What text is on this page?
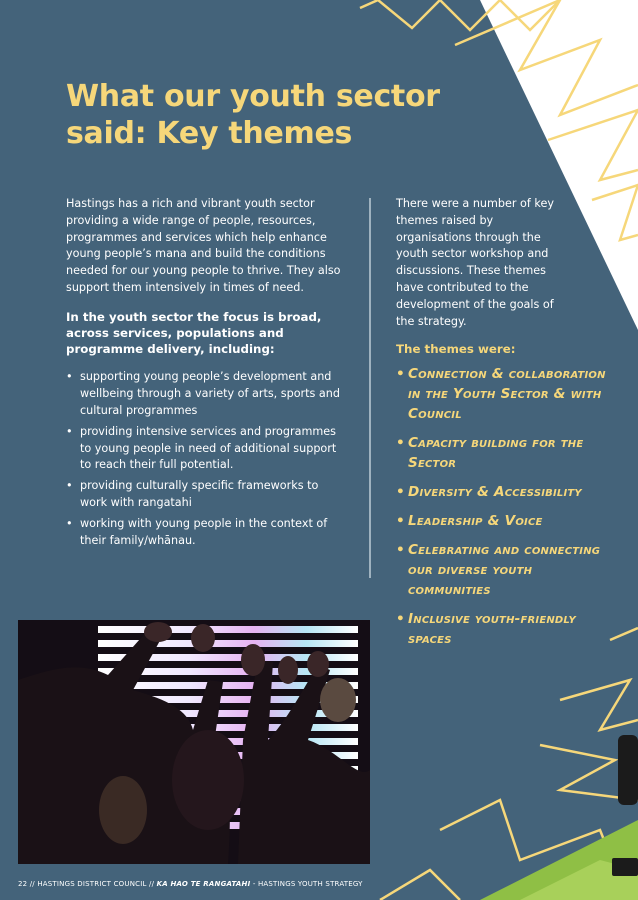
What our youth sector said: Key themes

Hastings has a rich and vibrant youth sector providing a wide range of people, resources, programmes and services which help enhance young people’s mana and build the conditions needed for our young people to thrive. They also support them intensively in times of need.

In the youth sector the focus is broad, across services, populations and programme delivery, including:

• supporting young people’s development and wellbeing through a variety of arts, sports and cultural programmes
• providing intensive services and programmes to young people in need of additional support to reach their full potential.
• providing culturally specific frameworks to work with rangatahi
• working with young people in the context of their family/whānau.

There were a number of key themes raised by organisations through the youth sector workshop and discussions. These themes have contributed to the development of the goals of the strategy.

The themes were:

• Connection & collaboration in the Youth Sector & with Council
• Capacity building for the Sector
• Diversity & Accessibility
• Leadership & Voice
• Celebrating and connecting our diverse youth communities
• Inclusive youth-friendly spaces
22 // HASTINGS DISTRICT COUNCIL // KA HAO TE RANGATAHI - HASTINGS YOUTH STRATEGY
